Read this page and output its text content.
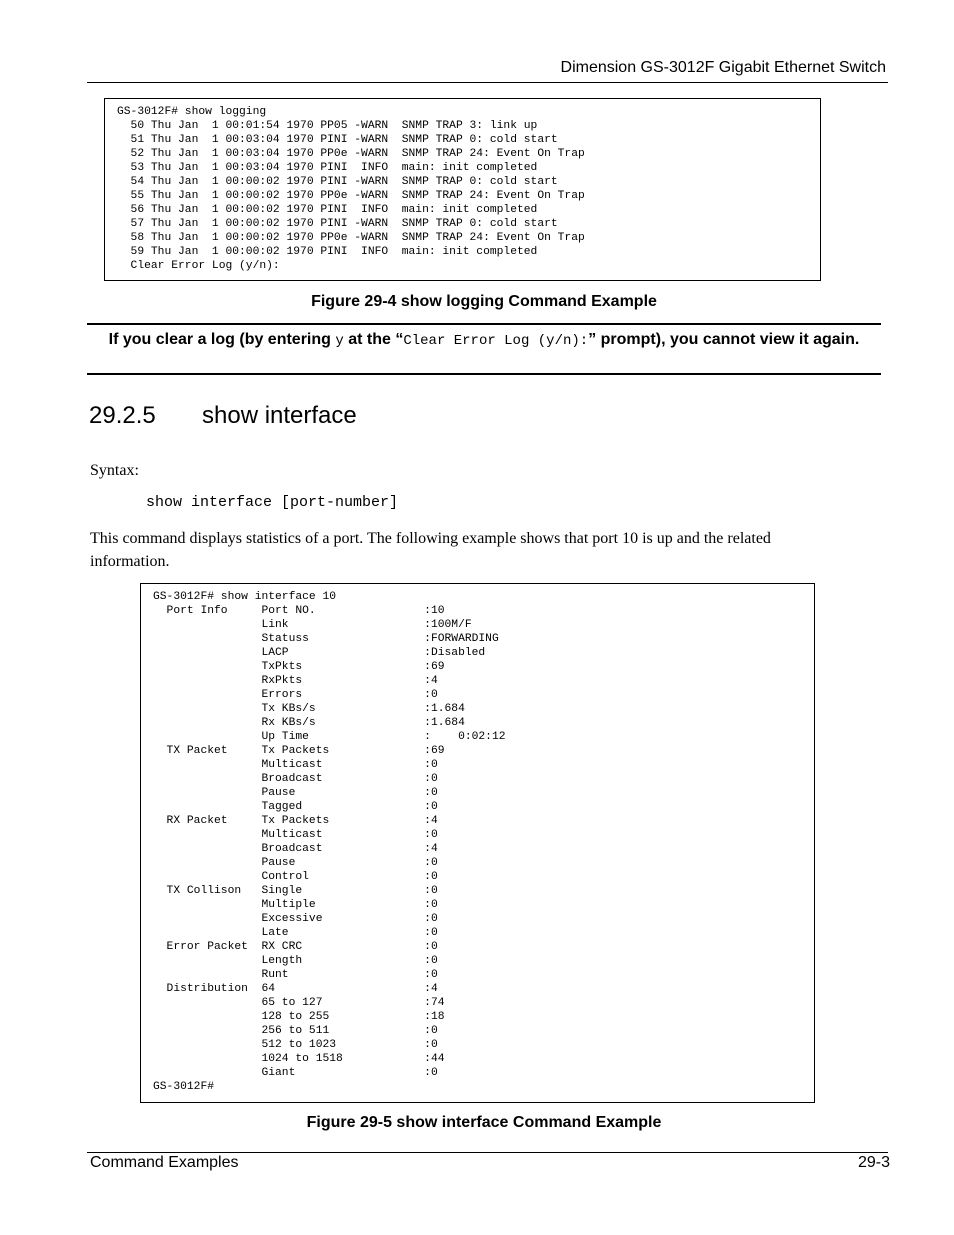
Dimension GS-3012F Gigabit Ethernet Switch
GS-3012F# show logging
50 Thu Jan  1 00:01:54 1970 PP05 -WARN  SNMP TRAP 3: link up
51 Thu Jan  1 00:03:04 1970 PINI -WARN  SNMP TRAP 0: cold start
52 Thu Jan  1 00:03:04 1970 PP0e -WARN  SNMP TRAP 24: Event On Trap
53 Thu Jan  1 00:03:04 1970 PINI  INFO  main: init completed
54 Thu Jan  1 00:00:02 1970 PINI -WARN  SNMP TRAP 0: cold start
55 Thu Jan  1 00:00:02 1970 PP0e -WARN  SNMP TRAP 24: Event On Trap
56 Thu Jan  1 00:00:02 1970 PINI  INFO  main: init completed
57 Thu Jan  1 00:00:02 1970 PINI -WARN  SNMP TRAP 0: cold start
58 Thu Jan  1 00:00:02 1970 PP0e -WARN  SNMP TRAP 24: Event On Trap
59 Thu Jan  1 00:00:02 1970 PINI  INFO  main: init completed
Clear Error Log (y/n):
Figure 29-4 show logging Command Example
If you clear a log (by entering y at the “Clear Error Log (y/n):” prompt), you cannot view it again.
29.2.5 show interface
Syntax:
show interface [port-number]
This command displays statistics of a port. The following example shows that port 10 is up and the related information.
GS-3012F# show interface 10
Port Info     Port NO.                :10
Link                    :100M/F
Statuss                 :FORWARDING
LACP                    :Disabled
TxPkts                  :69
RxPkts                  :4
Errors                  :0
Tx KBs/s                :1.684
Rx KBs/s                :1.684
Up Time                 :    0:02:12
TX Packet     Tx Packets              :69
Multicast               :0
Broadcast               :0
Pause                   :0
Tagged                  :0
RX Packet     Tx Packets              :4
Multicast               :0
Broadcast               :4
Pause                   :0
Control                 :0
TX Collison   Single                  :0
Multiple                :0
Excessive               :0
Late                    :0
Error Packet  RX CRC                  :0
Length                  :0
Runt                    :0
Distribution  64                      :4
65 to 127               :74
128 to 255              :18
256 to 511              :0
512 to 1023             :0
1024 to 1518            :44
Giant                   :0
GS-3012F#
Figure 29-5 show interface Command Example
Command Examples	29-3
